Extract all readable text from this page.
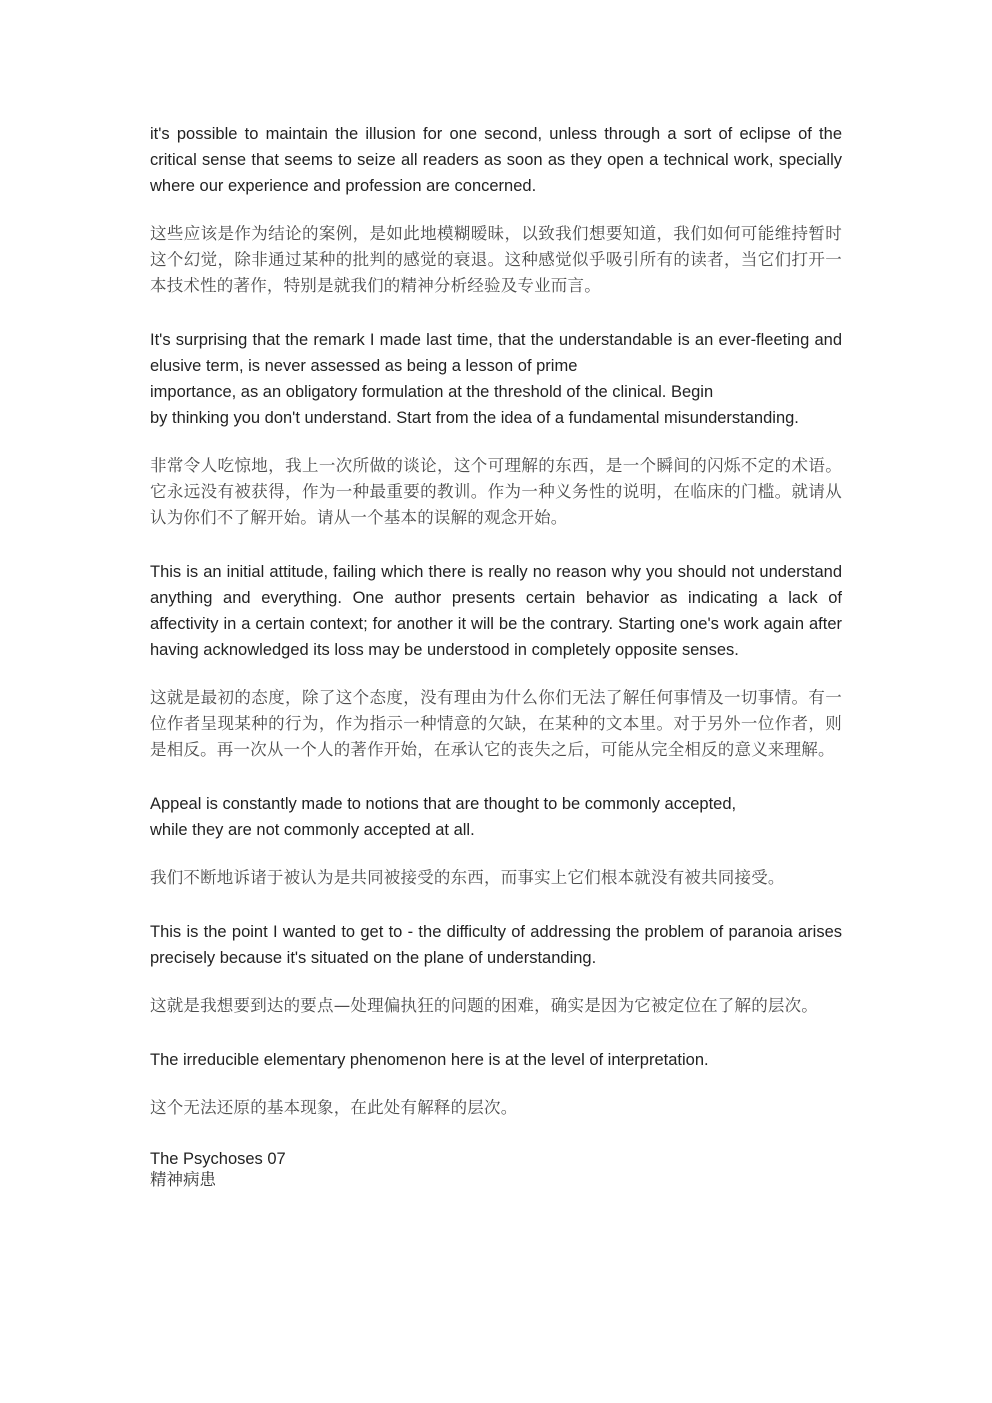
it's possible to maintain the illusion for one second, unless through a sort of eclipse of the critical sense that seems to seize all readers as soon as they open a technical work, specially where our experience and profession are concerned.

这些应该是作为结论的案例，是如此地模糊暧昧，以致我们想要知道，我们如何可能维持暂时这个幻觉，除非通过某种的批判的感觉的衰退。这种感觉似乎吸引所有的读者，当它们打开一本技术性的著作，特别是就我们的精神分析经验及专业而言。

It's surprising that the remark I made last time, that the understandable is an ever-fleeting and elusive term, is never assessed as being a lesson of prime
importance, as an obligatory formulation at the threshold of the clinical. Begin
by thinking you don't understand. Start from the idea of a fundamental misunderstanding.

非常令人吃惊地，我上一次所做的谈论，这个可理解的东西，是一个瞬间的闪烁不定的术语。它永远没有被获得，作为一种最重要的教训。作为一种义务性的说明，在临床的门槛。就请从认为你们不了解开始。请从一个基本的误解的观念开始。

This is an initial attitude, failing which there is really no reason why you should not understand anything and everything. One author presents certain behavior as indicating a lack of affectivity in a certain context; for another it will be the contrary. Starting one's work again after having acknowledged its loss may be understood in completely opposite senses.

这就是最初的态度，除了这个态度，没有理由为什么你们无法了解任何事情及一切事情。有一位作者呈现某种的行为，作为指示一种情意的欠缺，在某种的文本里。对于另外一位作者，则是相反。再一次从一个人的著作开始，在承认它的丧失之后，可能从完全相反的意义来理解。

Appeal is constantly made to notions that are thought to be commonly accepted,
while they are not commonly accepted at all.

我们不断地诉诸于被认为是共同被接受的东西，而事实上它们根本就没有被共同接受。

This is the point I wanted to get to - the difficulty of addressing the problem of paranoia arises precisely because it's situated on the plane of understanding.

这就是我想要到达的要点—处理偏执狂的问题的困难，确实是因为它被定位在了解的层次。

The irreducible elementary phenomenon here is at the level of interpretation.

这个无法还原的基本现象，在此处有解释的层次。

The Psychoses 07

精神病患
